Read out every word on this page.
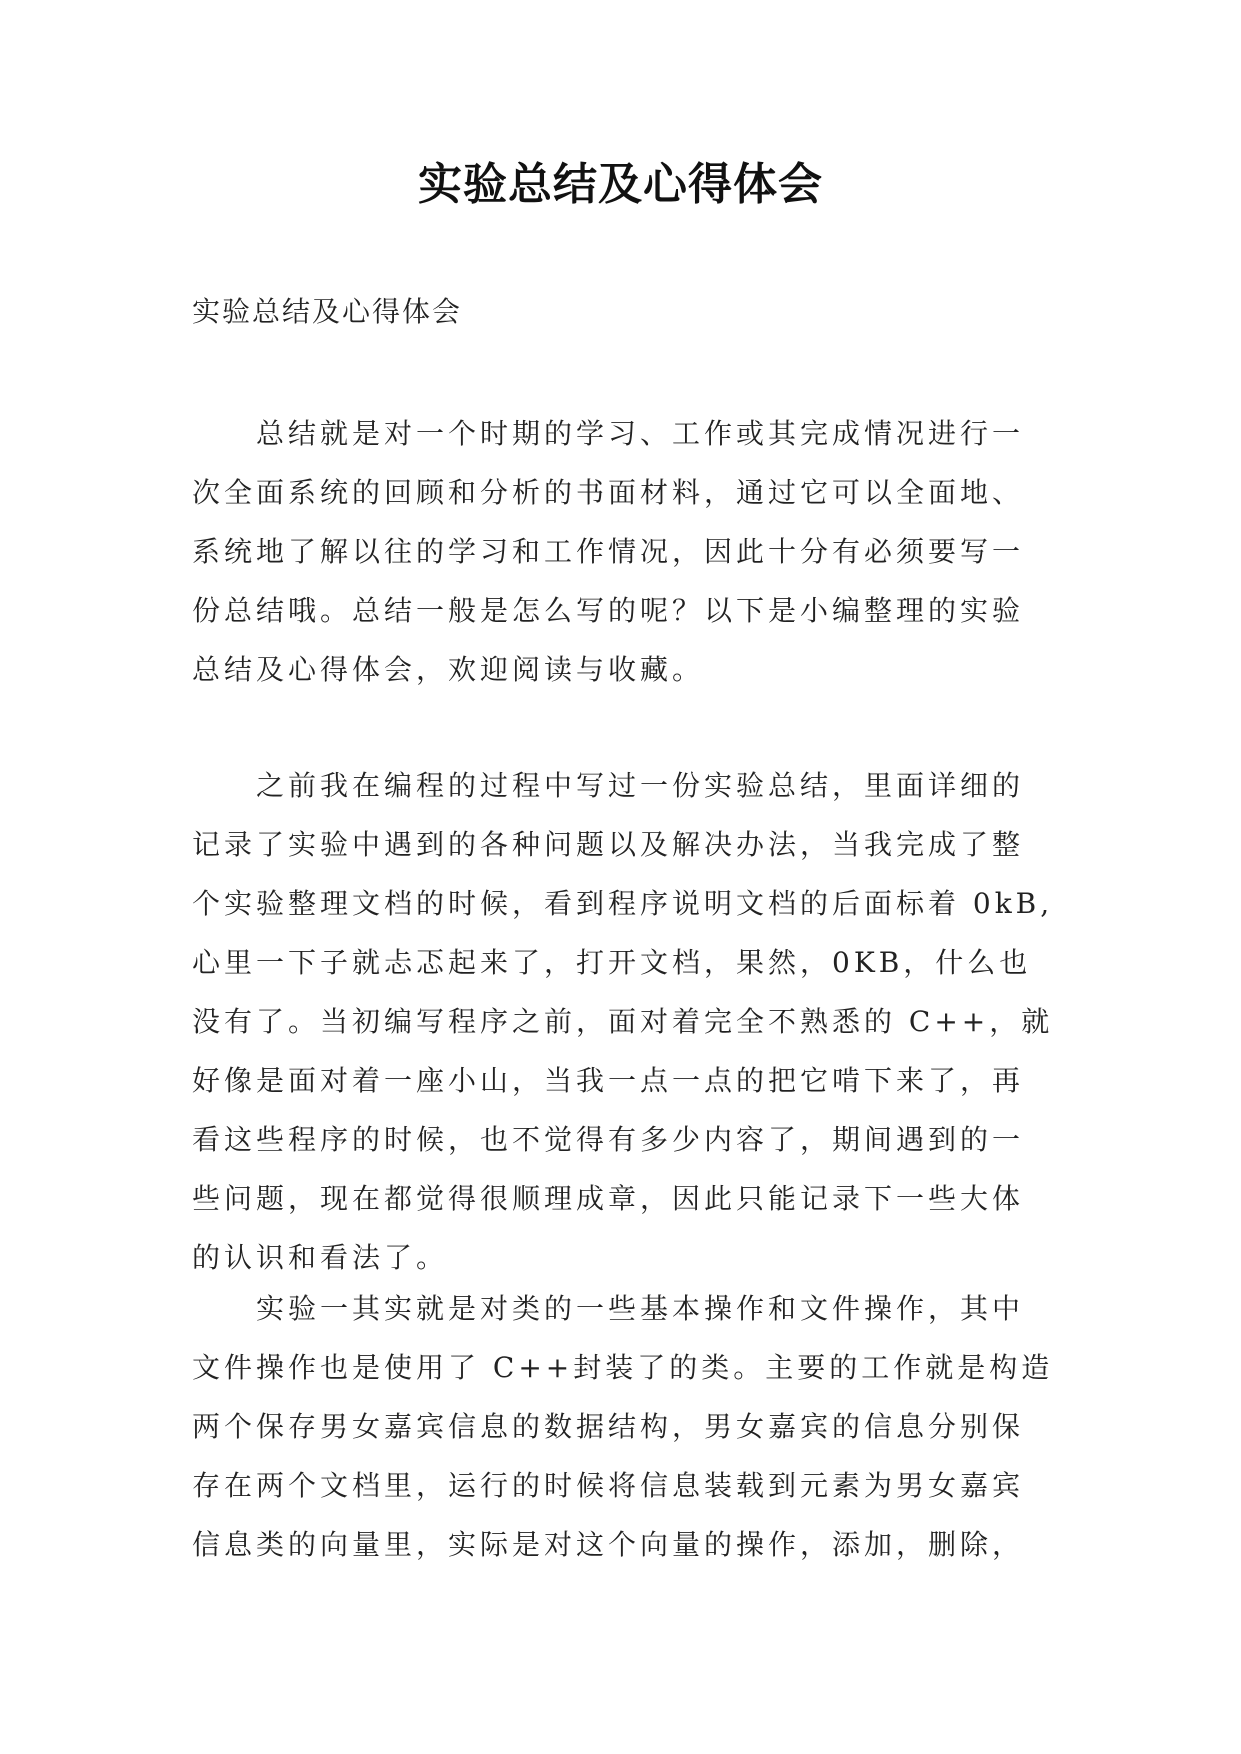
实验总结及心得体会
实验总结及心得体会
总结就是对一个时期的学习、工作或其完成情况进行一
次全面系统的回顾和分析的书面材料，通过它可以全面地、
系统地了解以往的学习和工作情况，因此十分有必须要写一
份总结哦。总结一般是怎么写的呢？以下是小编整理的实验
总结及心得体会，欢迎阅读与收藏。
之前我在编程的过程中写过一份实验总结，里面详细的
记录了实验中遇到的各种问题以及解决办法，当我完成了整
个实验整理文档的时候，看到程序说明文档的后面标着 0kB,
心里一下子就忐忑起来了，打开文档，果然，0KB，什么也
没有了。当初编写程序之前，面对着完全不熟悉的 C++，就
好像是面对着一座小山，当我一点一点的把它啃下来了，再
看这些程序的时候，也不觉得有多少内容了，期间遇到的一
些问题，现在都觉得很顺理成章，因此只能记录下一些大体
的认识和看法了。
实验一其实就是对类的一些基本操作和文件操作，其中
文件操作也是使用了 C++封装了的类。主要的工作就是构造
两个保存男女嘉宾信息的数据结构，男女嘉宾的信息分别保
存在两个文档里，运行的时候将信息装载到元素为男女嘉宾
信息类的向量里，实际是对这个向量的操作，添加，删除，
